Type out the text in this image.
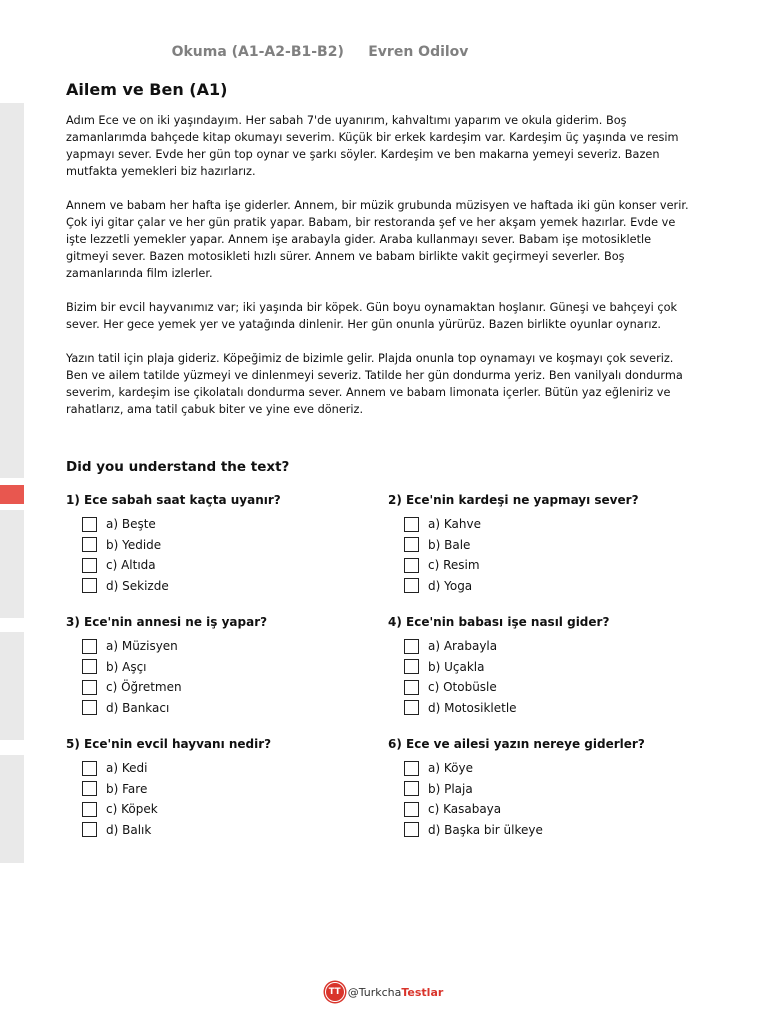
Okuma (A1-A2-B1-B2) Evren Odilov
Ailem ve Ben (A1)

Adım Ece ve on iki yaşındayım. Her sabah 7'de uyanırım, kahvaltımı yaparım ve okula giderim. Boş zamanlarımda bahçede kitap okumayı severim. Küçük bir erkek kardeşim var. Kardeşim üç yaşında ve resim yapmayı sever. Evde her gün top oynar ve şarkı söyler. Kardeşim ve ben makarna yemeyi severiz. Bazen mutfakta yemekleri biz hazırlarız.

Annem ve babam her hafta işe giderler. Annem, bir müzik grubunda müzisyen ve haftada iki gün konser verir. Çok iyi gitar çalar ve her gün pratik yapar. Babam, bir restoranda şef ve her akşam yemek hazırlar. Evde ve işte lezzetli yemekler yapar. Annem işe arabayla gider. Araba kullanmayı sever. Babam işe motosikletle gitmeyi sever. Bazen motosikleti hızlı sürer. Annem ve babam birlikte vakit geçirmeyi severler. Boş zamanlarında film izlerler.

Bizim bir evcil hayvanımız var; iki yaşında bir köpek. Gün boyu oynamaktan hoşlanır. Güneşi ve bahçeyi çok sever. Her gece yemek yer ve yatağında dinlenir. Her gün onunla yürürüz. Bazen birlikte oyunlar oynarız.

Yazın tatil için plaja gideriz. Köpeğimiz de bizimle gelir. Plajda onunla top oynamayı ve koşmayı çok severiz. Ben ve ailem tatilde yüzmeyi ve dinlenmeyi severiz. Tatilde her gün dondurma yeriz. Ben vanilyalı dondurma severim, kardeşim ise çikolatalı dondurma sever. Annem ve babam limonata içerler. Bütün yaz eğleniriz ve rahatlarız, ama tatil çabuk biter ve yine eve döneriz.

Did you understand the text?
1) Ece sabah saat kaçta uyanır?
a) Beşte
b) Yedide
c) Altıda
d) Sekizde
2) Ece'nin kardeşi ne yapmayı sever?
a) Kahve
b) Bale
c) Resim
d) Yoga
3) Ece'nin annesi ne iş yapar?
a) Müzisyen
b) Aşçı
c) Öğretmen
d) Bankacı
4) Ece'nin babası işe nasıl gider?
a) Arabayla
b) Uçakla
c) Otobüsle
d) Motosikletle
5) Ece'nin evcil hayvanı nedir?
a) Kedi
b) Fare
c) Köpek
d) Balık
6) Ece ve ailesi yazın nereye giderler?
a) Köye
b) Plaja
c) Kasabaya
d) Başka bir ülkeye
TT @Turkcha Testlar
